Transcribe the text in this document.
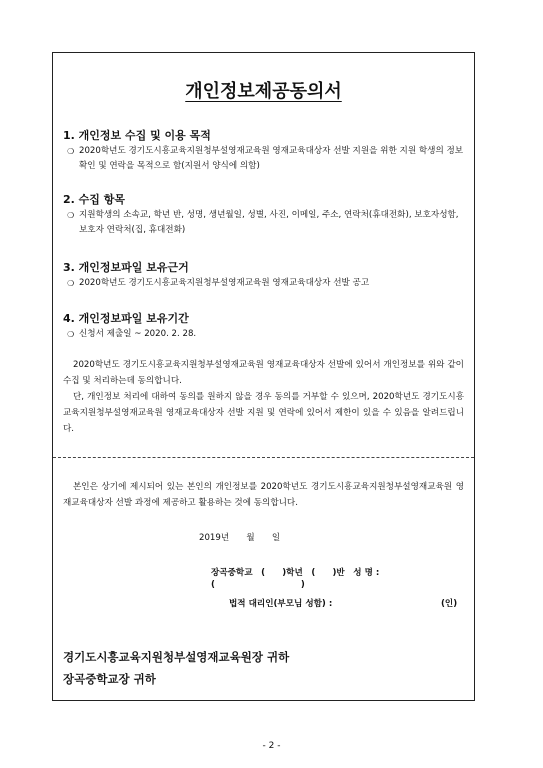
개인정보제공동의서
1. 개인정보 수집 및 이용 목적
❍ 2020학년도 경기도시흥교육지원청부설영재교육원 영재교육대상자 선발 지원을 위한 지원 학생의 정보 확인 및 연락을 목적으로 함(지원서 양식에 의함)
2. 수집 항목
❍ 지원학생의 소속교, 학년 반, 성명, 생년월일, 성별, 사진, 이메일, 주소, 연락처(휴대전화), 보호자성함, 보호자 연락처(집, 휴대전화)
3. 개인정보파일 보유근거
❍ 2020학년도 경기도시흥교육지원청부설영재교육원 영재교육대상자 선발 공고
4. 개인정보파일 보유기간
❍ 신청서 제출일 ~ 2020. 2. 28.

2020학년도 경기도시흥교육지원청부설영재교육원 영재교육대상자 선발에 있어서 개인정보를 위와 같이 수집 및 처리하는데 동의합니다.

단, 개인정보 처리에 대하여 동의를 원하지 않을 경우 동의를 거부할 수 있으며, 2020학년도 경기도시흥교육지원청부설영재교육원 영재교육대상자 선발 지원 및 연락에 있어서 제한이 있을 수 있음을 알려드립니다.

본인은 상기에 제시되어 있는 본인의 개인정보를 2020학년도 경기도시흥교육지원청부설영재교육원 영재교육대상자 선발 과정에 제공하고 활용하는 것에 동의합니다.

2019년　　월　　일
장곡중학교　(　　)학년　(　　)반　성 명 : (　　　　　　　　　　)
법적 대리인(부모님 성함) :	(인)
경기도시흥교육지원청부설영재교육원장 귀하
장곡중학교장 귀하
- 2 -
